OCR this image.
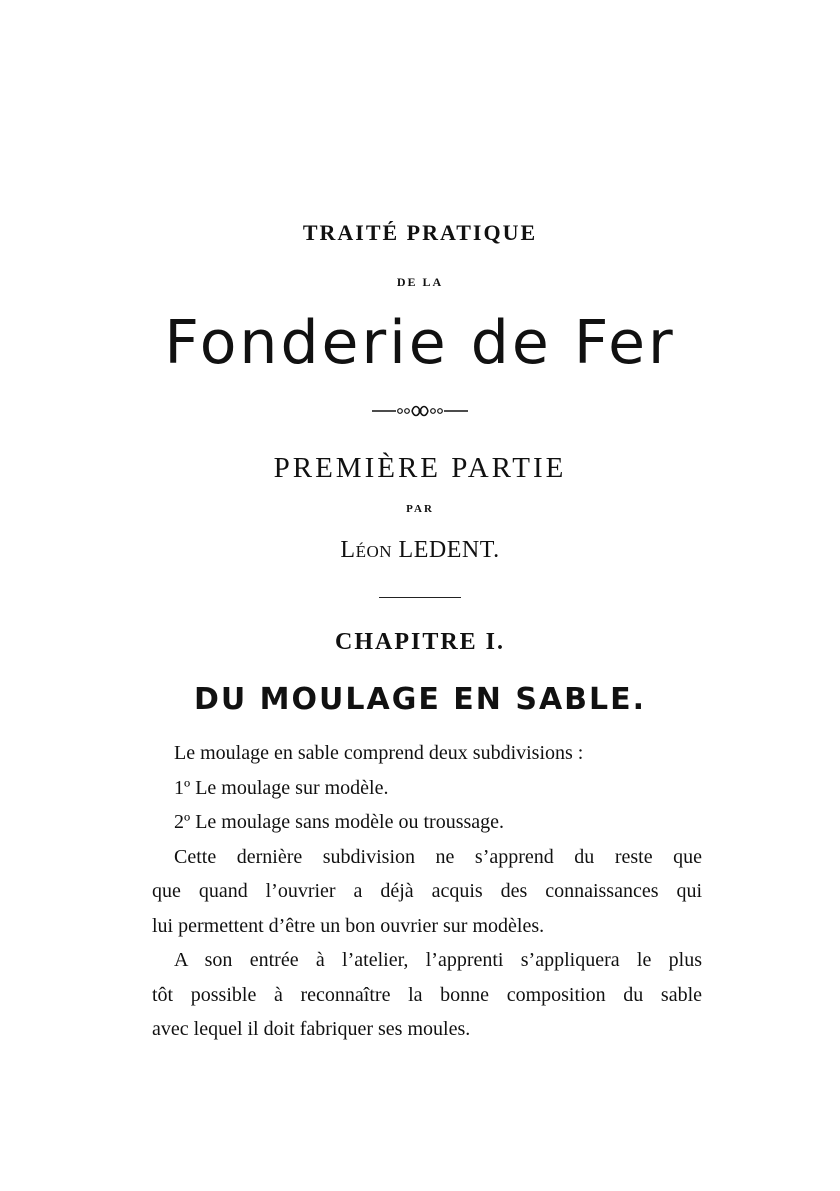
TRAITÉ PRATIQUE
DE LA
Fonderie de Fer
PREMIÈRE PARTIE
PAR
LÉON LEDENT.
CHAPITRE I.
DU MOULAGE EN SABLE.

Le moulage en sable comprend deux subdivisions :

1º Le moulage sur modèle.

2º Le moulage sans modèle ou troussage.

Cette dernière subdivision ne s’apprend du reste que

que quand l’ouvrier a déjà acquis des connaissances qui

lui permettent d’être un bon ouvrier sur modèles.

A son entrée à l’atelier, l’apprenti s’appliquera le plus

tôt possible à reconnaître la bonne composition du sable

avec lequel il doit fabriquer ses moules.
